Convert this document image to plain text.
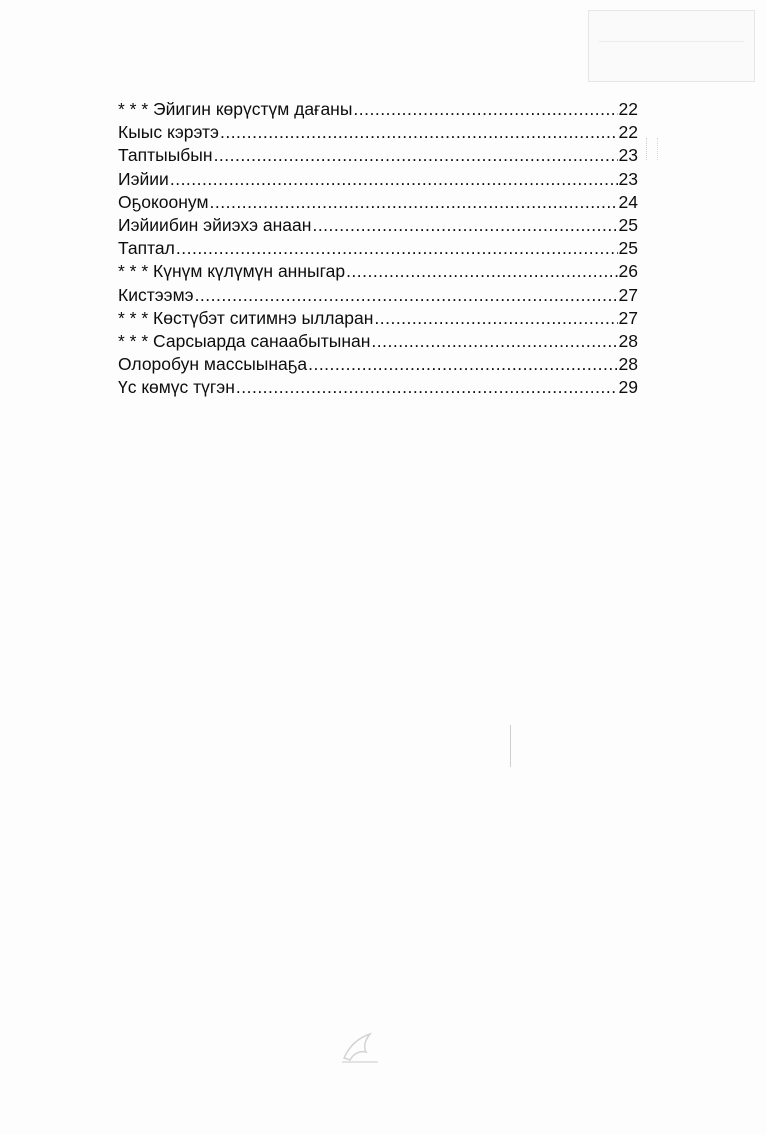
* * * Эйигин көрүстүм дағаны .....	22
Кыыс кэрэтэ .....	22
Таптыыбын .....	23
Иэйии .....	23
Оҕокоонум .....	24
Иэйиибин эйиэхэ анаан .....	25
Таптал .....	25
* * * Күнүм күлүмүн анныгар .....	26
Кистээмэ .....	27
* * * Көстүбэт ситимнэ ылларан .....	27
* * * Сарсыарда санаабытынан .....	28
Олоробун массыынаҕа .....	28
Үс көмүс түгэн .....	29
